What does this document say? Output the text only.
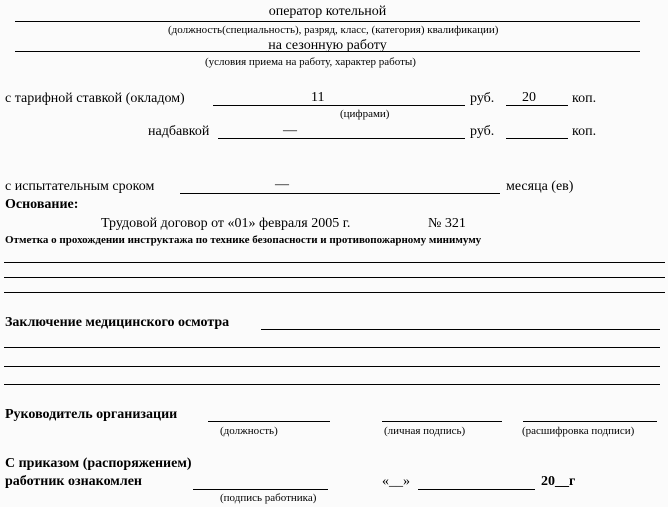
оператор котельной
(должность(специальность), разряд, класс, (категория) квалификации)
на сезонную работу
(условия приема на работу, характер работы)
с тарифной ставкой (окладом)	11	руб. 20	коп.
(цифрами)
надбавкой	—	руб.	коп.
с испытательным сроком	—	месяца (ев)
Основание:
Трудовой договор от «01» февраля 2005 г.	№ 321
Отметка о прохождении инструктажа по технике безопасности и противопожарному минимуму
Заключение медицинского осмотра
Руководитель организации
(должность)	(личная подпись)	(расшифровка подписи)
С приказом (распоряжением)
работник ознакомлен
(подпись работника)
«__»	20__г
